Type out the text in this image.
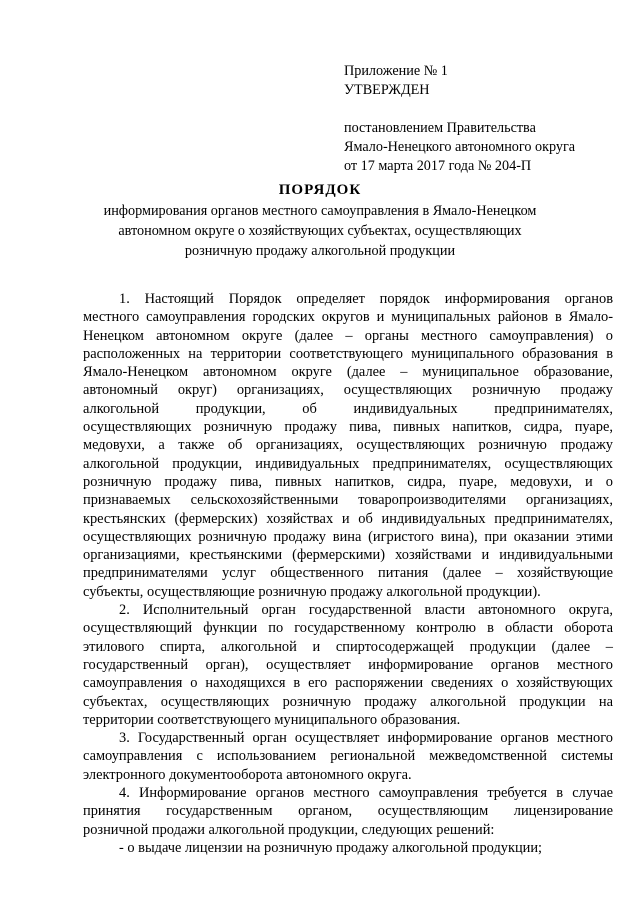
Приложение № 1
УТВЕРЖДЕН
постановлением Правительства
Ямало-Ненецкого автономного округа
от 17 марта 2017 года № 204-П
ПОРЯДОК
информирования органов местного самоуправления в Ямало-Ненецком
автономном округе о хозяйствующих субъектах, осуществляющих
розничную продажу алкогольной продукции
1. Настоящий Порядок определяет порядок информирования органов
местного самоуправления городских округов и муниципальных районов в Ямало-
Ненецком автономном округе (далее – органы местного самоуправления) о
расположенных на территории соответствующего муниципального образования в
Ямало-Ненецком автономном округе (далее – муниципальное образование,
автономный округ) организациях, осуществляющих розничную продажу
алкогольной продукции, об индивидуальных предпринимателях,
осуществляющих розничную продажу пива, пивных напитков, сидра, пуаре,
медовухи, а также об организациях, осуществляющих розничную продажу
алкогольной продукции, индивидуальных предпринимателях, осуществляющих
розничную продажу пива, пивных напитков, сидра, пуаре, медовухи, и о
признаваемых сельскохозяйственными товаропроизводителями организациях,
крестьянских (фермерских) хозяйствах и об индивидуальных предпринимателях,
осуществляющих розничную продажу вина (игристого вина), при оказании этими
организациями, крестьянскими (фермерскими) хозяйствами и индивидуальными
предпринимателями услуг общественного питания (далее – хозяйствующие
субъекты, осуществляющие розничную продажу алкогольной продукции).
2. Исполнительный орган государственной власти автономного округа,
осуществляющий функции по государственному контролю в области оборота
этилового спирта, алкогольной и спиртосодержащей продукции (далее –
государственный орган), осуществляет информирование органов местного
самоуправления о находящихся в его распоряжении сведениях о хозяйствующих
субъектах, осуществляющих розничную продажу алкогольной продукции на
территории соответствующего муниципального образования.
3. Государственный орган осуществляет информирование органов местного
самоуправления с использованием региональной межведомственной системы
электронного документооборота автономного округа.
4. Информирование органов местного самоуправления требуется в случае
принятия государственным органом, осуществляющим лицензирование
розничной продажи алкогольной продукции, следующих решений:
- о выдаче лицензии на розничную продажу алкогольной продукции;
